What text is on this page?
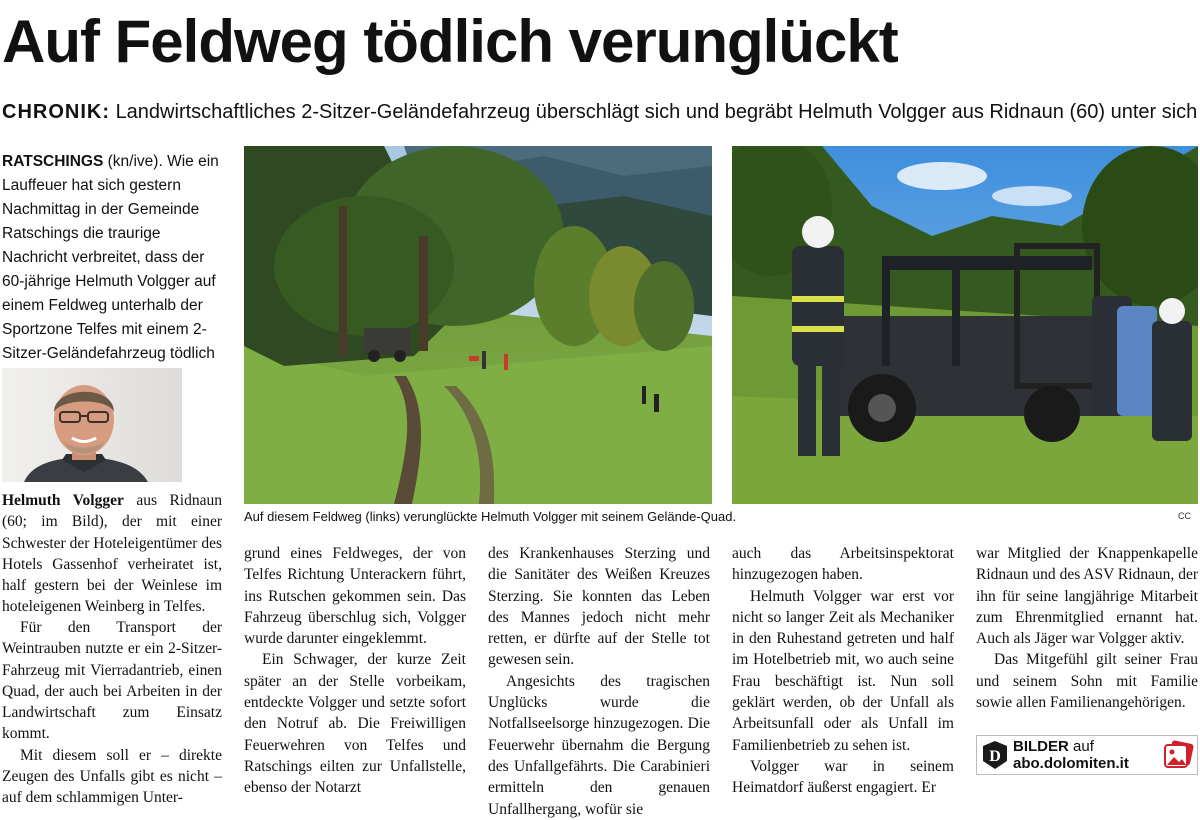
Auf Feldweg tödlich verunglückt
CHRONIK: Landwirtschaftliches 2-Sitzer-Geländefahrzeug überschlägt sich und begräbt Helmuth Volgger aus Ridnaun (60) unter sich

RATSCHINGS (kn/ive). Wie ein Lauffeuer hat sich gestern Nachmittag in der Gemeinde Ratschings die traurige Nachricht verbreitet, dass der 60-jährige Helmuth Volgger auf einem Feldweg unterhalb der Sportzone Telfes mit einem 2-Sitzer-Geländefahrzeug tödlich

Helmuth Volgger aus Ridnaun (60; im Bild), der mit einer Schwester der Hoteleigentümer des Hotels Gassenhof verheiratet ist, half gestern bei der Weinlese im hoteleigenen Weinberg in Telfes.

Für den Transport der Weintrauben nutzte er ein 2-Sitzer-Fahrzeug mit Vierradantrieb, einen Quad, der auch bei Arbeiten in der Landwirtschaft zum Einsatz kommt.

Mit diesem soll er – direkte Zeugen des Unfalls gibt es nicht – auf dem schlammigen Unter-

Auf diesem Feldweg (links) verunglückte Helmuth Volgger mit seinem Gelände-Quad.	CC

grund eines Feldweges, der von Telfes Richtung Unterackern führt, ins Rutschen gekommen sein. Das Fahrzeug überschlug sich, Volgger wurde darunter eingeklemmt.

Ein Schwager, der kurze Zeit später an der Stelle vorbeikam, entdeckte Volgger und setzte sofort den Notruf ab. Die Freiwilligen Feuerwehren von Telfes und Ratschings eilten zur Unfallstelle, ebenso der Notarzt

des Krankenhauses Sterzing und die Sanitäter des Weißen Kreuzes Sterzing. Sie konnten das Leben des Mannes jedoch nicht mehr retten, er dürfte auf der Stelle tot gewesen sein.

Angesichts des tragischen Unglücks wurde die Notfallseelsorge hinzugezogen. Die Feuerwehr übernahm die Bergung des Unfallgefährts. Die Carabinieri ermitteln den genauen Unfallhergang, wofür sie

auch das Arbeitsinspektorat hinzugezogen haben.

Helmuth Volgger war erst vor nicht so langer Zeit als Mechaniker in den Ruhestand getreten und half im Hotelbetrieb mit, wo auch seine Frau beschäftigt ist. Nun soll geklärt werden, ob der Unfall als Arbeitsunfall oder als Unfall im Familienbetrieb zu sehen ist.

Volgger war in seinem Heimatdorf äußerst engagiert. Er

war Mitglied der Knappenkapelle Ridnaun und des ASV Ridnaun, der ihn für seine langjährige Mitarbeit zum Ehrenmitglied ernannt hat. Auch als Jäger war Volgger aktiv.

Das Mitgefühl gilt seiner Frau und seinem Sohn mit Familie sowie allen Familienangehörigen.

D
BILDER auf
abo.dolomiten.it
